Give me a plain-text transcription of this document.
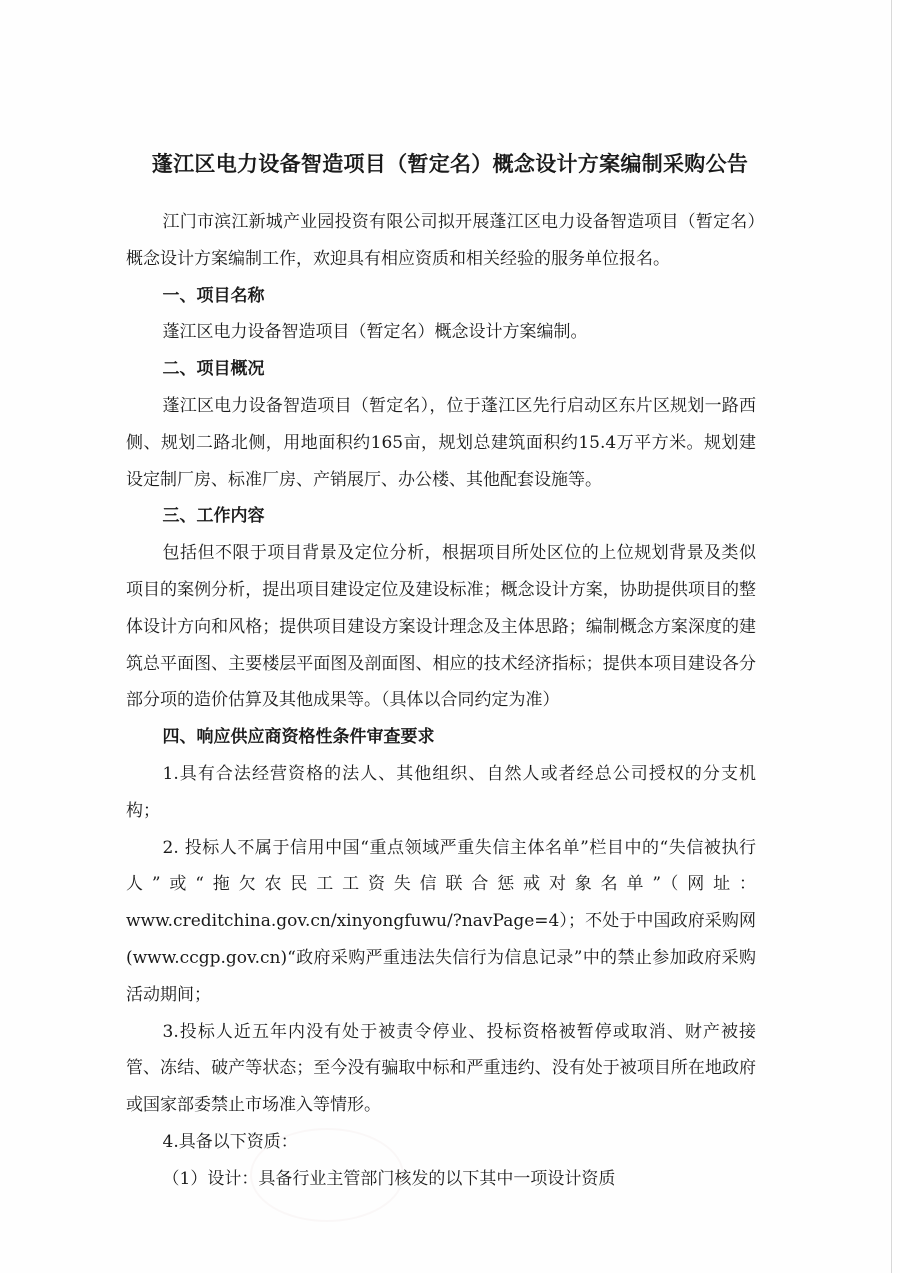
蓬江区电力设备智造项目（暂定名）概念设计方案编制采购公告

江门市滨江新城产业园投资有限公司拟开展蓬江区电力设备智造项目（暂定名）概念设计方案编制工作，欢迎具有相应资质和相关经验的服务单位报名。

一、项目名称

蓬江区电力设备智造项目（暂定名）概念设计方案编制。

二、项目概况

蓬江区电力设备智造项目（暂定名），位于蓬江区先行启动区东片区规划一路西侧、规划二路北侧，用地面积约165亩，规划总建筑面积约15.4万平方米。规划建设定制厂房、标准厂房、产销展厅、办公楼、其他配套设施等。

三、工作内容

包括但不限于项目背景及定位分析，根据项目所处区位的上位规划背景及类似项目的案例分析，提出项目建设定位及建设标准；概念设计方案，协助提供项目的整体设计方向和风格；提供项目建设方案设计理念及主体思路；编制概念方案深度的建筑总平面图、主要楼层平面图及剖面图、相应的技术经济指标；提供本项目建设各分部分项的造价估算及其他成果等。（具体以合同约定为准）

四、响应供应商资格性条件审查要求

1.具有合法经营资格的法人、其他组织、自然人或者经总公司授权的分支机构；

2. 投标人不属于信用中国“重点领域严重失信主体名单”栏目中的“失信被执行人”或“拖欠农民工工资失信联合惩戒对象名单”（网址：www.creditchina.gov.cn/xinyongfuwu/?navPage=4）；不处于中国政府采购网(www.ccgp.gov.cn)“政府采购严重违法失信行为信息记录”中的禁止参加政府采购活动期间；

3.投标人近五年内没有处于被责令停业、投标资格被暂停或取消、财产被接管、冻结、破产等状态；至今没有骗取中标和严重违约、没有处于被项目所在地政府或国家部委禁止市场准入等情形。

4.具备以下资质：

（1）设计：具备行业主管部门核发的以下其中一项设计资质
